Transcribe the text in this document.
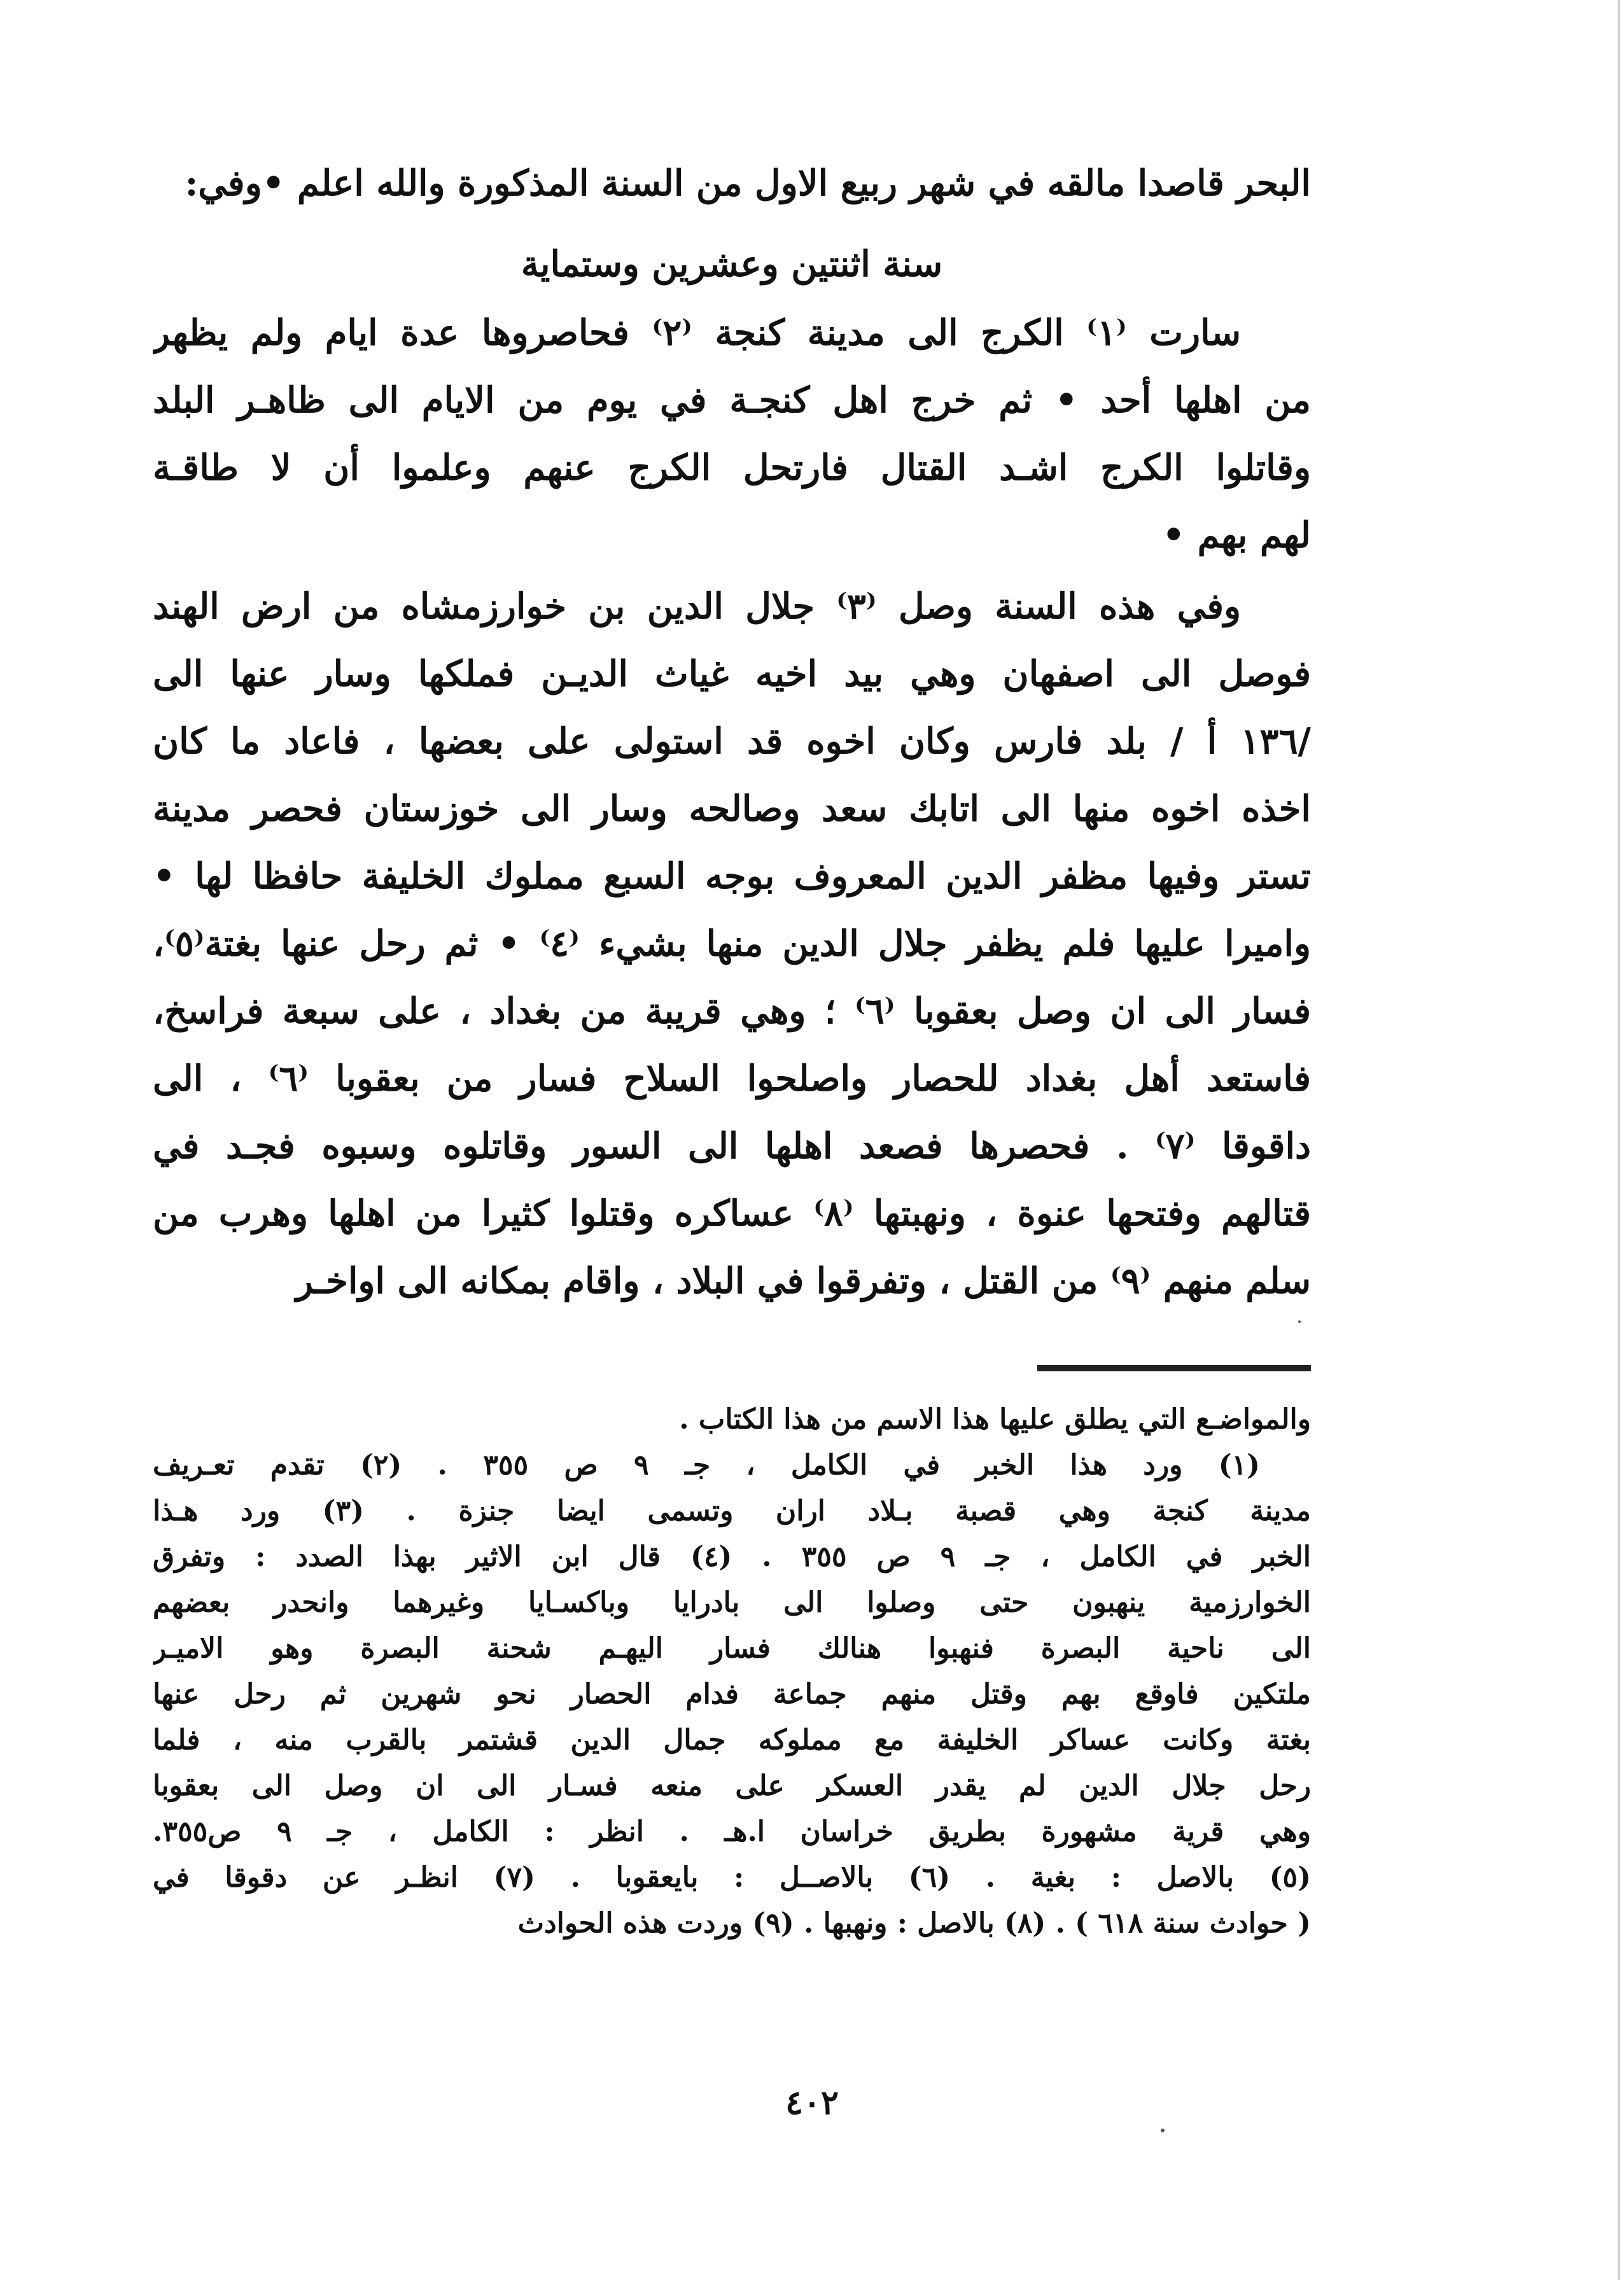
البحر قاصدا مالقه في شهر ربيع الاول من السنة المذكورة والله اعلم •وفي:
سنة اثنتين وعشرين وستماية
سارت ⁽١⁾ الكرج الى مدينة كنجة ⁽٢⁾ فحاصروها عدة ايام ولم يظهر
من اهلها أحد • ثم خرج اهل كنجـة في يوم من الايام الى ظاهـر البلد
وقاتلوا الكرج اشـد القتال فارتحل الكرج عنهم وعلموا أن لا طاقـة
لهم بهم •
وفي هذه السنة وصل ⁽٣⁾ جلال الدين بن خوارزمشاه من ارض الهند
فوصل الى اصفهان وهي بيد اخيه غياث الديـن فملكها وسار عنها الى
/١٣٦ أ / بلد فارس وكان اخوه قد استولى على بعضها ، فاعاد ما كان
اخذه اخوه منها الى اتابك سعد وصالحه وسار الى خوزستان فحصر مدينة
تستر وفيها مظفر الدين المعروف بوجه السبع مملوك الخليفة حافظا لها •
واميرا عليها فلم يظفر جلال الدين منها بشيء ⁽٤⁾ • ثم رحل عنها بغتة⁽٥⁾،
فسار الى ان وصل بعقوبا ⁽٦⁾ ؛ وهي قريبة من بغداد ، على سبعة فراسخ،
فاستعد أهل بغداد للحصار واصلحوا السلاح فسار من بعقوبا ⁽٦⁾ ، الى
داقوقا ⁽٧⁾ . فحصرها فصعد اهلها الى السور وقاتلوه وسبوه فجـد في
قتالهم وفتحها عنوة ، ونهبتها ⁽٨⁾ عساكره وقتلوا كثيرا من اهلها وهرب من
سلم منهم ⁽٩⁾ من القتل ، وتفرقوا في البلاد ، واقام بمكانه الى اواخـر
والمواضـع التي يطلق عليها هذا الاسم من هذا الكتاب .
(١) ورد هذا الخبر في الكامل ، جـ ٩ ص ٣٥٥ . (٢) تقدم تعـريف
مدينة كنجة وهي قصبة بـلاد اران وتسمى ايضا جنزة . (٣) ورد هـذا
الخبر في الكامل ، جـ ٩ ص ٣٥٥ . (٤) قال ابن الاثير بهذا الصدد : وتفرق
الخوارزمية ينهبون حتى وصلوا الى بادرايا وباكسـايا وغيرهما وانحدر بعضهم
الى ناحية البصرة فنهبوا هنالك فسار اليهـم شحنة البصرة وهو الاميـر
ملتكين فاوقع بهم وقتل منهم جماعة فدام الحصار نحو شهرين ثم رحل عنها
بغتة وكانت عساكر الخليفة مع مملوكه جمال الدين قشتمر بالقرب منه ، فلما
رحل جلال الدين لم يقدر العسكر على منعه فسـار الى ان وصل الى بعقوبا
وهي قرية مشهورة بطريق خراسان ا.هـ . انظر : الكامل ، جـ ٩ ص٣٥٥.
(٥) بالاصل : بغية . (٦) بالاصــل : بايعقوبا . (٧) انظـر عن دقوقا في
( حوادث سنة ٦١٨ ) . (٨) بالاصل : ونهبها . (٩) وردت هذه الحوادث
٤٠٢
